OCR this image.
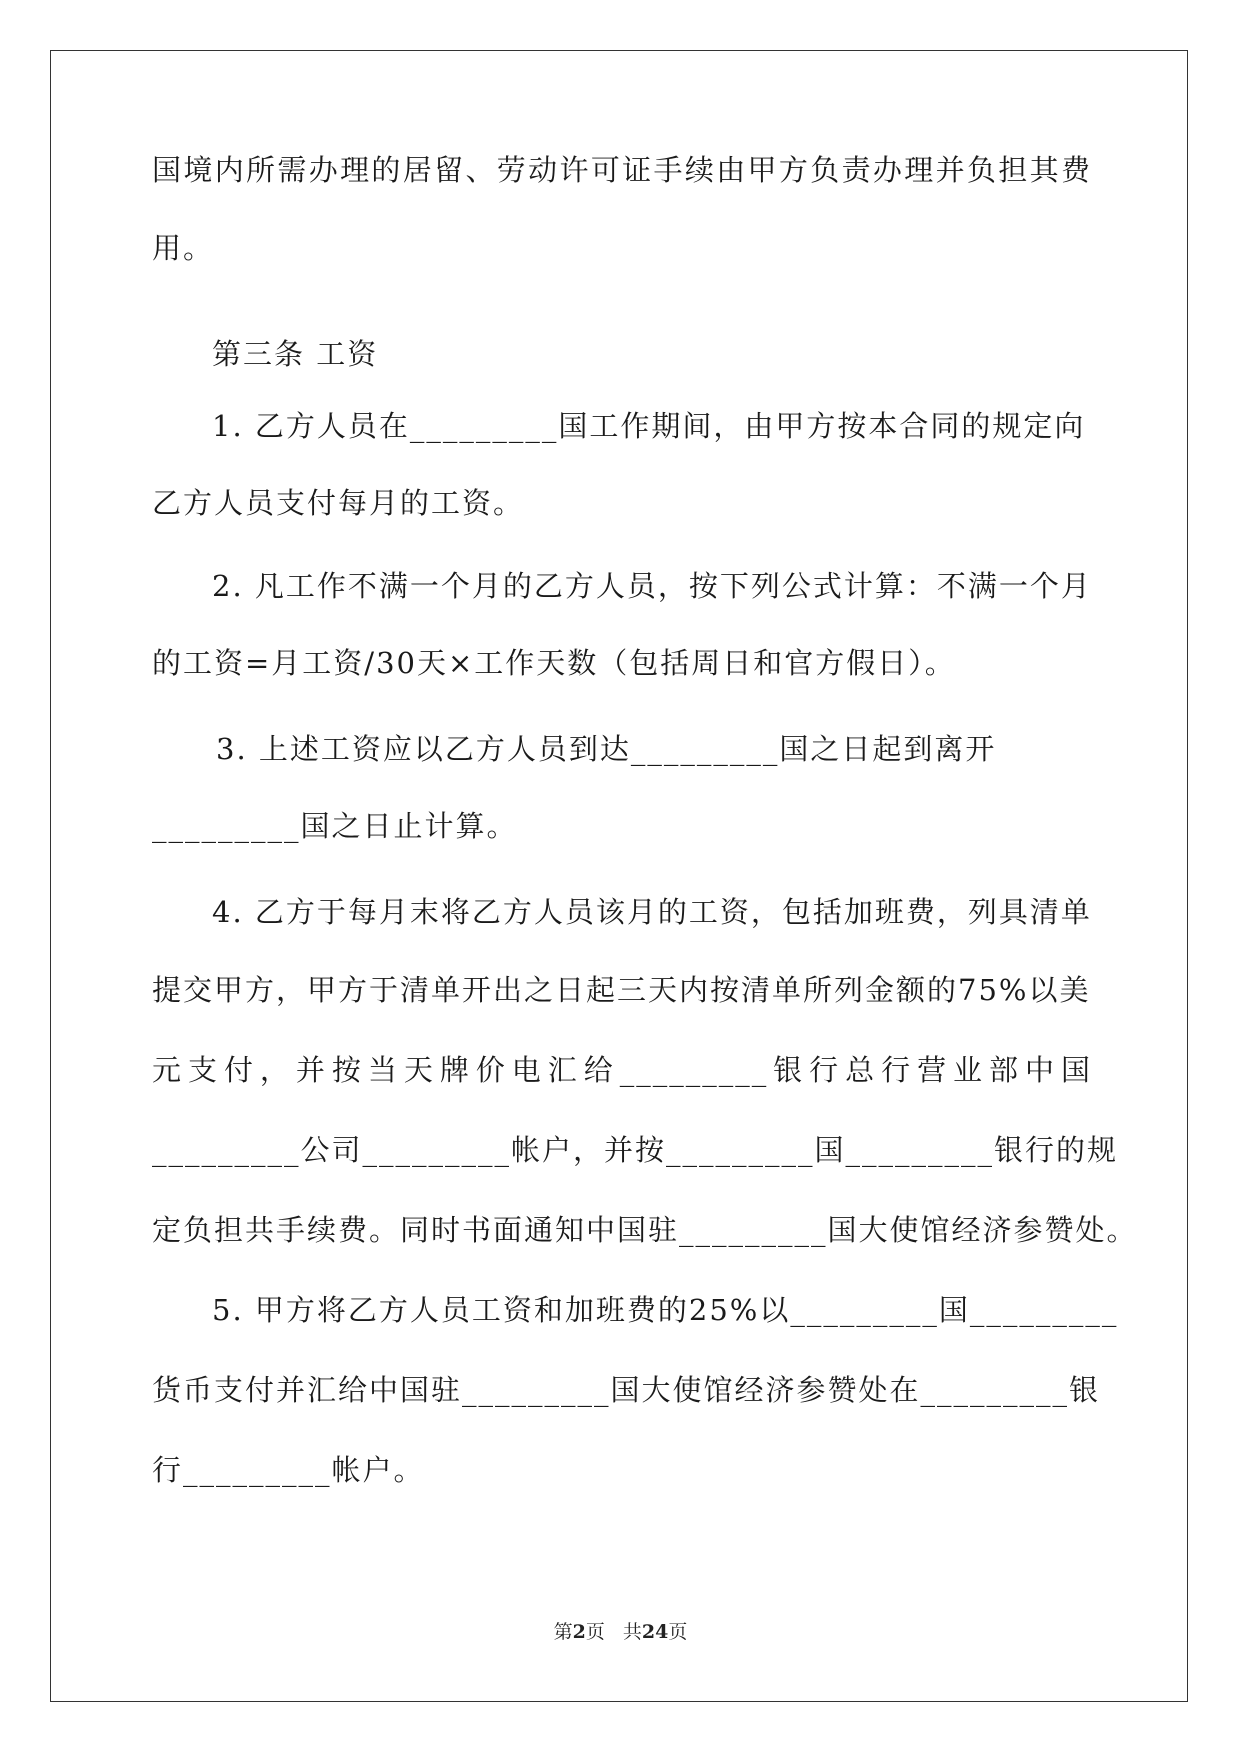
国境内所需办理的居留、劳动许可证手续由甲方负责办理并负担其费
用。
第三条 工资
1. 乙方人员在_________国工作期间，由甲方按本合同的规定向
乙方人员支付每月的工资。
2. 凡工作不满一个月的乙方人员，按下列公式计算：不满一个月
的工资=月工资/30天×工作天数（包括周日和官方假日）。
3. 上述工资应以乙方人员到达_________国之日起到离开
_________国之日止计算。
4. 乙方于每月末将乙方人员该月的工资，包括加班费，列具清单
提交甲方，甲方于清单开出之日起三天内按清单所列金额的75%以美
元支付，并按当天牌价电汇给_________银行总行营业部中国
_________公司_________帐户，并按_________国_________银行的规
定负担共手续费。同时书面通知中国驻_________国大使馆经济参赞处。
5. 甲方将乙方人员工资和加班费的25%以_________国_________
货币支付并汇给中国驻_________国大使馆经济参赞处在_________银
行_________帐户。
第2页 共24页
